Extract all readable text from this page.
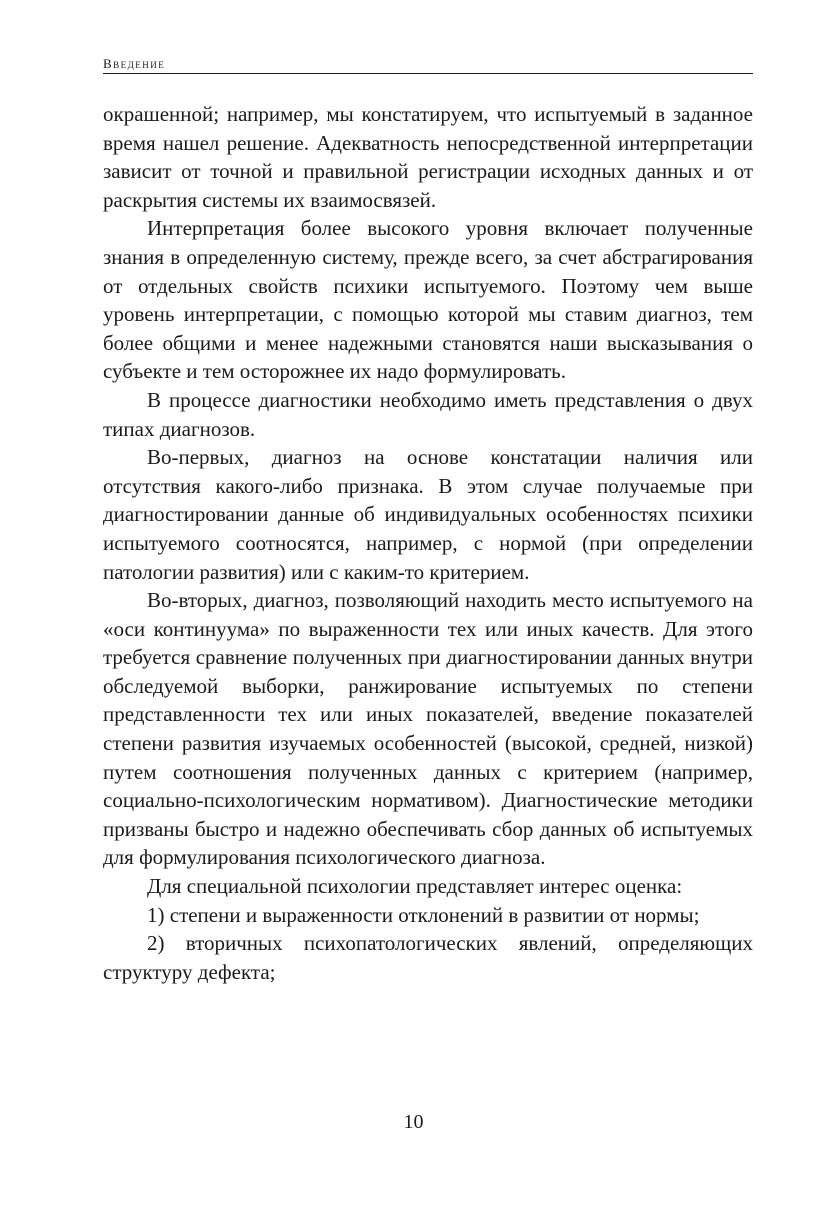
Введение

окрашенной; например, мы констатируем, что испытуемый в заданное время нашел решение. Адекватность непосредственной интерпретации зависит от точной и правильной регистрации исходных данных и от раскрытия системы их взаимосвязей.

Интерпретация более высокого уровня включает полученные знания в определенную систему, прежде всего, за счет абстрагирования от отдельных свойств психики испытуемого. Поэтому чем выше уровень интерпретации, с помощью которой мы ставим диагноз, тем более общими и менее надежными становятся наши высказывания о субъекте и тем осторожнее их надо формулировать.

В процессе диагностики необходимо иметь представления о двух типах диагнозов.

Во-первых, диагноз на основе констатации наличия или отсутствия какого-либо признака. В этом случае получаемые при диагностировании данные об индивидуальных особенностях психики испытуемого соотносятся, например, с нормой (при определении патологии развития) или с каким-то критерием.

Во-вторых, диагноз, позволяющий находить место испытуемого на «оси континуума» по выраженности тех или иных качеств. Для этого требуется сравнение полученных при диагностировании данных внутри обследуемой выборки, ранжирование испытуемых по степени представленности тех или иных показателей, введение показателей степени развития изучаемых особенностей (высокой, средней, низкой) путем соотношения полученных данных с критерием (например, социально-психологическим нормативом). Диагностические методики призваны быстро и надежно обеспечивать сбор данных об испытуемых для формулирования психологического диагноза.

Для специальной психологии представляет интерес оценка:

1) степени и выраженности отклонений в развитии от нормы;

2) вторичных психопатологических явлений, определяющих структуру дефекта;

10
